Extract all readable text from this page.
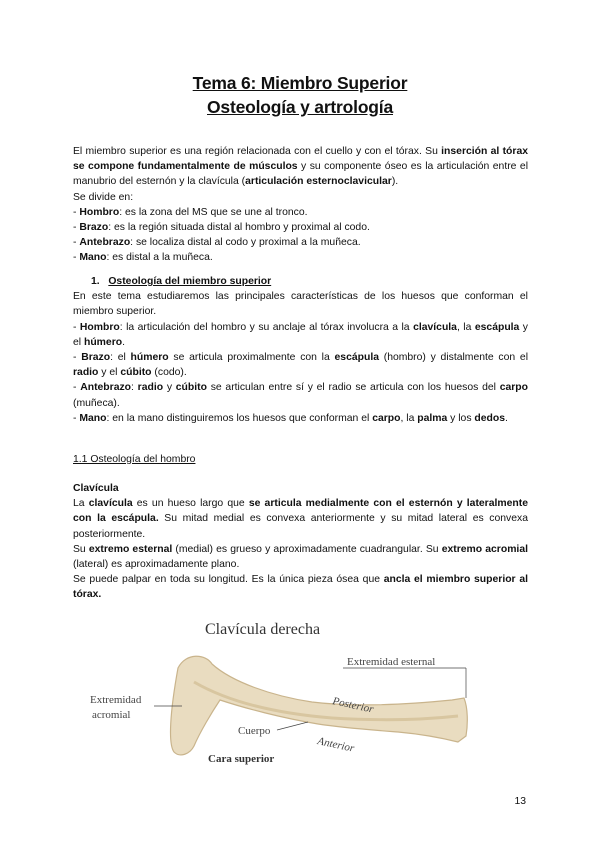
Tema 6: Miembro Superior
Osteología y artrología

El miembro superior es una región relacionada con el cuello y con el tórax. Su inserción al tórax se compone fundamentalmente de músculos y su componente óseo es la articulación entre el manubrio del esternón y la clavícula (articulación esternoclavicular).

Se divide en:

- Hombro: es la zona del MS que se une al tronco.

- Brazo: es la región situada distal al hombro y proximal al codo.

- Antebrazo: se localiza distal al codo y proximal a la muñeca.

- Mano: es distal a la muñeca.

1. Osteología del miembro superior

En este tema estudiaremos las principales características de los huesos que conforman el miembro superior.

- Hombro: la articulación del hombro y su anclaje al tórax involucra a la clavícula, la escápula y el húmero.

- Brazo: el húmero se articula proximalmente con la escápula (hombro) y distalmente con el radio y el cúbito (codo).

- Antebrazo: radio y cúbito se articulan entre sí y el radio se articula con los huesos del carpo (muñeca).

- Mano: en la mano distinguiremos los huesos que conforman el carpo, la palma y los dedos.

1.1 Osteología del hombro

Clavícula

La clavícula es un hueso largo que se articula medialmente con el esternón y lateralmente con la escápula. Su mitad medial es convexa anteriormente y su mitad lateral es convexa posteriormente.

Su extremo esternal (medial) es grueso y aproximadamente cuadrangular. Su extremo acromial (lateral) es aproximadamente plano.

Se puede palpar en toda su longitud. Es la única pieza ósea que ancla el miembro superior al tórax.

Clavícula derecha
Extremidad esternal
Extremidad
acromial	Posterior
Cuerpo
Anterior
Cara superior
13
